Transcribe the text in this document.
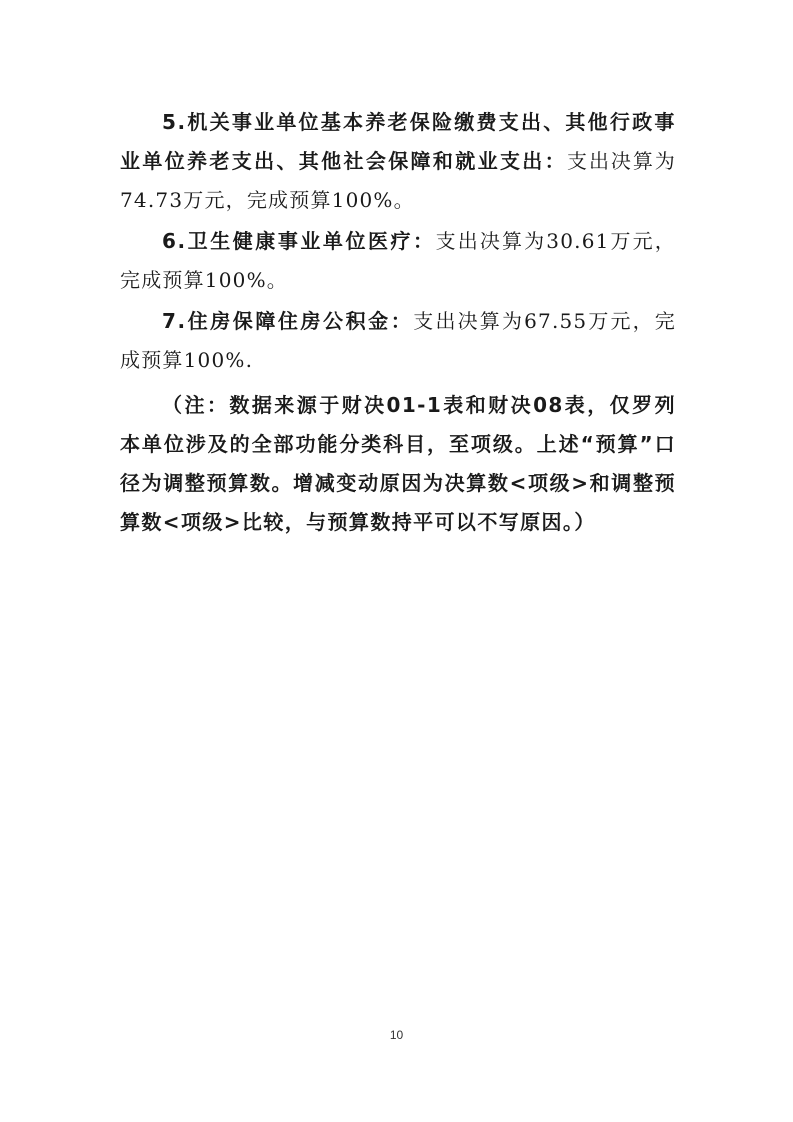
5.机关事业单位基本养老保险缴费支出、其他行政事业单位养老支出、其他社会保障和就业支出：支出决算为74.73万元，完成预算100%。

6.卫生健康事业单位医疗：支出决算为30.61万元，完成预算100%。

7.住房保障住房公积金：支出决算为67.55万元，完成预算100%.

（注：数据来源于财决01-1表和财决08表，仅罗列本单位涉及的全部功能分类科目，至项级。上述“预算”口径为调整预算数。增减变动原因为决算数<项级>和调整预算数<项级>比较，与预算数持平可以不写原因。）

10
